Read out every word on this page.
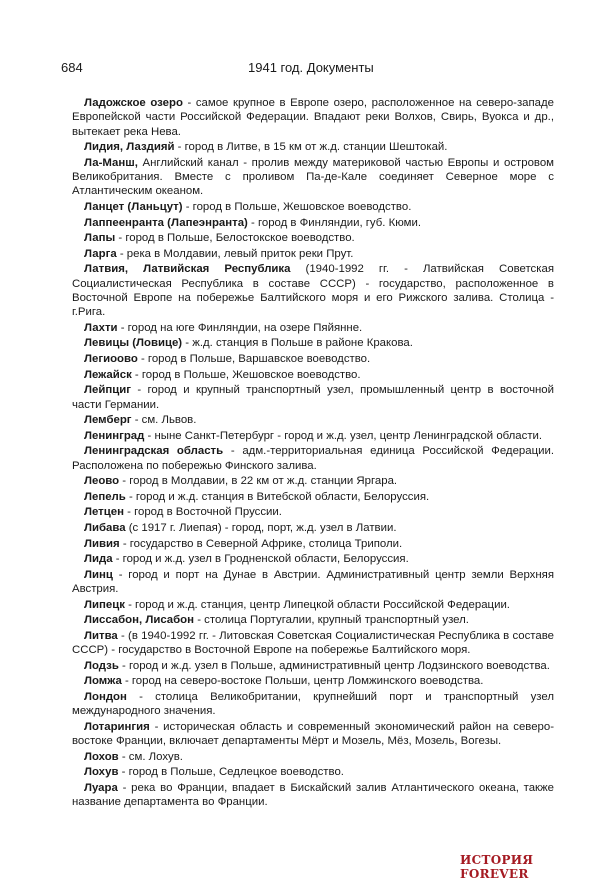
684	1941 год. Документы

Ладожское озеро - самое крупное в Европе озеро, расположенное на северо-западе Европейской части Российской Федерации. Впадают реки Волхов, Свирь, Вуокса и др., вытекает река Нева.

Лидия, Лаздияй - город в Литве, в 15 км от ж.д. станции Шештокай.

Ла-Манш, Английский канал - пролив между материковой частью Европы и островом Великобритания. Вместе с проливом Па-де-Кале соединяет Северное море с Атлантическим океаном.

Ланцет (Ланьцут) - город в Польше, Жешовское воеводство.

Лаппеенранта (Лапеэнранта) - город в Финляндии, губ. Кюми.

Лапы - город в Польше, Белостокское воеводство.

Ларга - река в Молдавии, левый приток реки Прут.

Латвия, Латвийская Республика (1940-1992 гг. - Латвийская Советская Социалистическая Республика в составе СССР) - государство, расположенное в Восточной Европе на побережье Балтийского моря и его Рижского залива. Столица - г.Рига.

Лахти - город на юге Финляндии, на озере Пяйянне.

Левицы (Ловице) - ж.д. станция в Польше в районе Кракова.

Легиоово - город в Польше, Варшавское воеводство.

Лежайск - город в Польше, Жешовское воеводство.

Лейпциг - город и крупный транспортный узел, промышленный центр в восточной части Германии.

Лемберг - см. Львов.

Ленинград - ныне Санкт-Петербург - город и ж.д. узел, центр Ленинградской области.

Ленинградская область - адм.-территориальная единица Российской Федерации. Расположена по побережью Финского залива.

Леово - город в Молдавии, в 22 км от ж.д. станции Яргара.

Лепель - город и ж.д. станция в Витебской области, Белоруссия.

Летцен - город в Восточной Пруссии.

Либава (с 1917 г. Лиепая) - город, порт, ж.д. узел в Латвии.

Ливия - государство в Северной Африке, столица Триполи.

Лида - город и ж.д. узел в Гродненской области, Белоруссия.

Линц - город и порт на Дунае в Австрии. Административный центр земли Верхняя Австрия.

Липецк - город и ж.д. станция, центр Липецкой области Российской Федерации.

Лиссабон, Лисабон - столица Португалии, крупный транспортный узел.

Литва - (в 1940-1992 гг. - Литовская Советская Социалистическая Республика в составе СССР) - государство в Восточной Европе на побережье Балтийского моря.

Лодзь - город и ж.д. узел в Польше, административный центр Лодзинского воеводства.

Ломжа - город на северо-востоке Польши, центр Ломжинского воеводства.

Лондон - столица Великобритании, крупнейший порт и транспортный узел международного значения.

Лотарингия - историческая область и современный экономический район на северо-востоке Франции, включает департаменты Мёрт и Мозель, Мёз, Мозель, Вогезы.

Лохов - см. Лохув.

Лохув - город в Польше, Седлецкое воеводство.

Луара - река во Франции, впадает в Бискайский залив Атлантического океана, также название департамента во Франции.

ИСТОРИЯ FOREVER
